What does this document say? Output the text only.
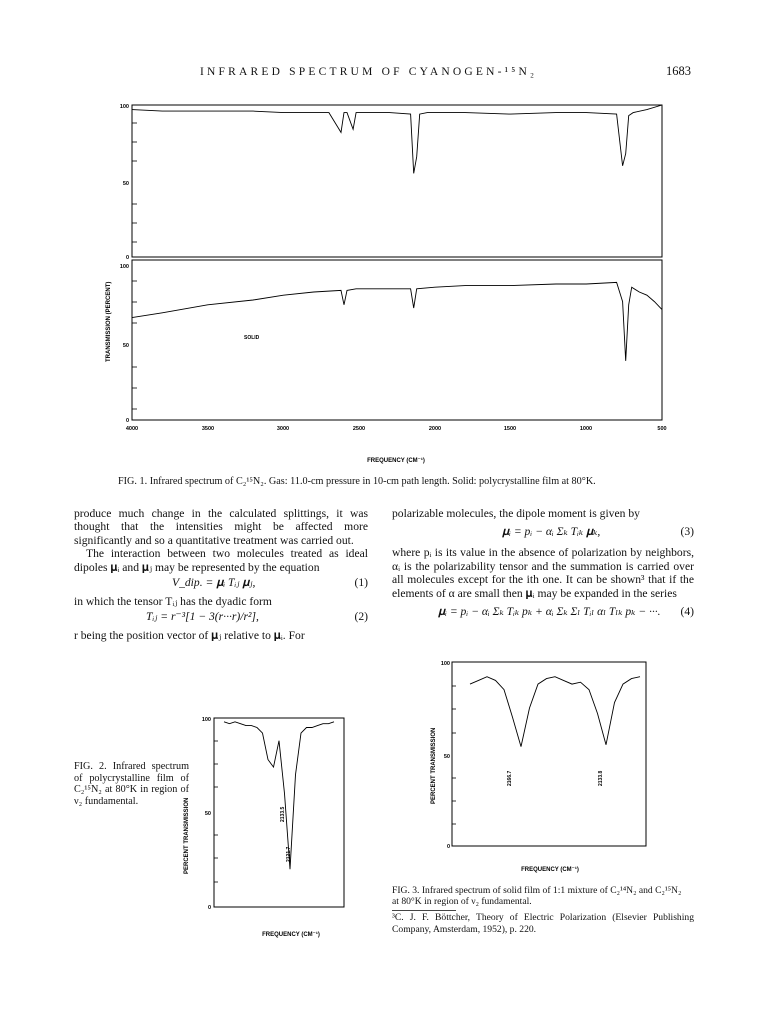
INFRARED SPECTRUM OF CYANOGEN-¹⁵N₂	1683
100
50
0
100
50
0
4000	3500	3000	2500	2000	1500	1000	500
TRANSMISSION (PERCENT)
FREQUENCY (CM⁻¹)
SOLID
FIG. 1. Infrared spectrum of C₂¹⁵N₂. Gas: 11.0-cm pressure in 10-cm path length. Solid: polycrystalline film at 80°K.

produce much change in the calculated splittings, it was thought that the intensities might be affected more significantly and so a quantitative treatment was carried out.

The interaction between two molecules treated as ideal dipoles 𝛍ᵢ and 𝛍ⱼ may be represented by the equation

V_dip. = 𝛍ᵢ Tᵢⱼ 𝛍ⱼ,	(1)

in which the tensor Tᵢⱼ has the dyadic form

Tᵢⱼ = r⁻³[1 − 3(r···r)/r²],	(2)

r being the position vector of 𝛍ⱼ relative to 𝛍ᵢ. For

polarizable molecules, the dipole moment is given by

𝛍ᵢ = pᵢ − αᵢ Σₖ Tᵢₖ 𝛍ₖ,	(3)

where pᵢ is its value in the absence of polarization by neighbors, αᵢ is the polarizability tensor and the summation is carried over all molecules except for the ith one. It can be shown³ that if the elements of α are small then 𝛍ᵢ may be expanded in the series

𝛍ᵢ = pᵢ − αᵢ Σₖ Tᵢₖ pₖ + αᵢ Σₖ Σₗ Tᵢₗ αₗ Tₗₖ pₖ − ···. (4)
FIG. 2. Infrared spectrum of polycrystalline film of C₂¹⁵N₂ at 80°K in region of ν₂ fundamental.
100
50
0
PERCENT TRANSMISSION
FREQUENCY (CM⁻¹)
2133.5
2121.7
100
50
0
PERCENT TRANSMISSION
FREQUENCY (CM⁻¹)
2166.7	2133.8
FIG. 3. Infrared spectrum of solid film of 1:1 mixture of C₂¹⁴N₂ and C₂¹⁵N₂ at 80°K in region of ν₂ fundamental.
³C. J. F. Böttcher, Theory of Electric Polarization (Elsevier Publishing Company, Amsterdam, 1952), p. 220.
